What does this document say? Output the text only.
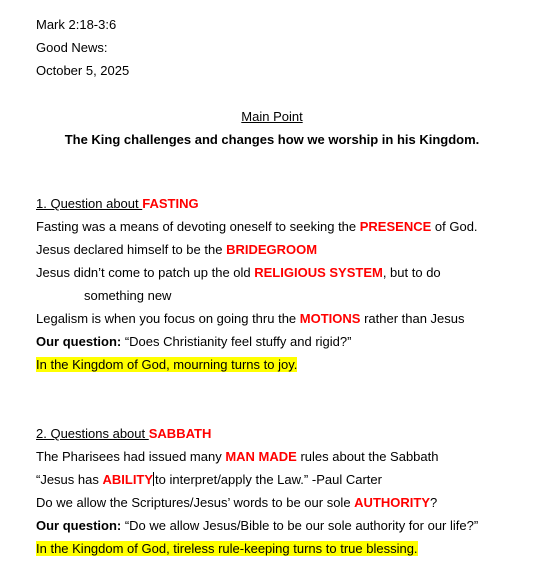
Mark 2:18-3:6
Good News:
October 5, 2025
Main Point
The King challenges and changes how we worship in his Kingdom.
1. Question about FASTING
Fasting was a means of devoting oneself to seeking the PRESENCE of God.
Jesus declared himself to be the BRIDEGROOM
Jesus didn’t come to patch up the old RELIGIOUS SYSTEM, but to do
something new
Legalism is when you focus on going thru the MOTIONS rather than Jesus
Our question: “Does Christianity feel stuffy and rigid?”
In the Kingdom of God, mourning turns to joy.
2. Questions about SABBATH
The Pharisees had issued many MAN MADE rules about the Sabbath
“Jesus has ABILITY to interpret/apply the Law.” -Paul Carter
Do we allow the Scriptures/Jesus’ words to be our sole AUTHORITY?
Our question: “Do we allow Jesus/Bible to be our sole authority for our life?”
In the Kingdom of God, tireless rule-keeping turns to true blessing.
